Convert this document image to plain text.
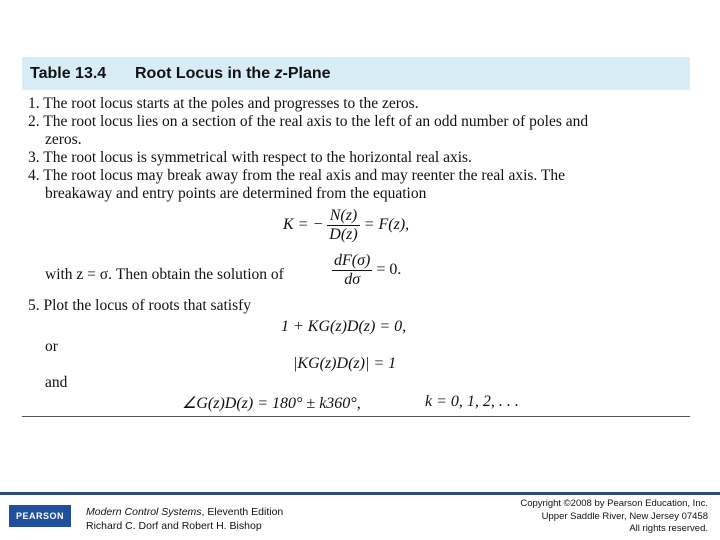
Table 13.4	Root Locus in the z-Plane
1. The root locus starts at the poles and progresses to the zeros.
2. The root locus lies on a section of the real axis to the left of an odd number of poles and
zeros.
3. The root locus is symmetrical with respect to the horizontal real axis.
4. The root locus may break away from the real axis and may reenter the real axis. The
breakaway and entry points are determined from the equation
K = − $\frac{N(z)}{D(z)} = F(z)$,
with z = σ. Then obtain the solution of	$\frac{dF(\sigma)}{d\sigma} = 0$.
5. Plot the locus of roots that satisfy
1 + KG(z)D(z) = 0,
or
|KG(z)D(z)| = 1
and
∠G(z)D(z) = 180° ± k360°,	k = 0, 1, 2, . . .
PEARSON	Modern Control Systems, Eleventh Edition
Richard C. Dorf and Robert H. Bishop
Copyright ©2008 by Pearson Education, Inc.
Upper Saddle River, New Jersey 07458
All rights reserved.
